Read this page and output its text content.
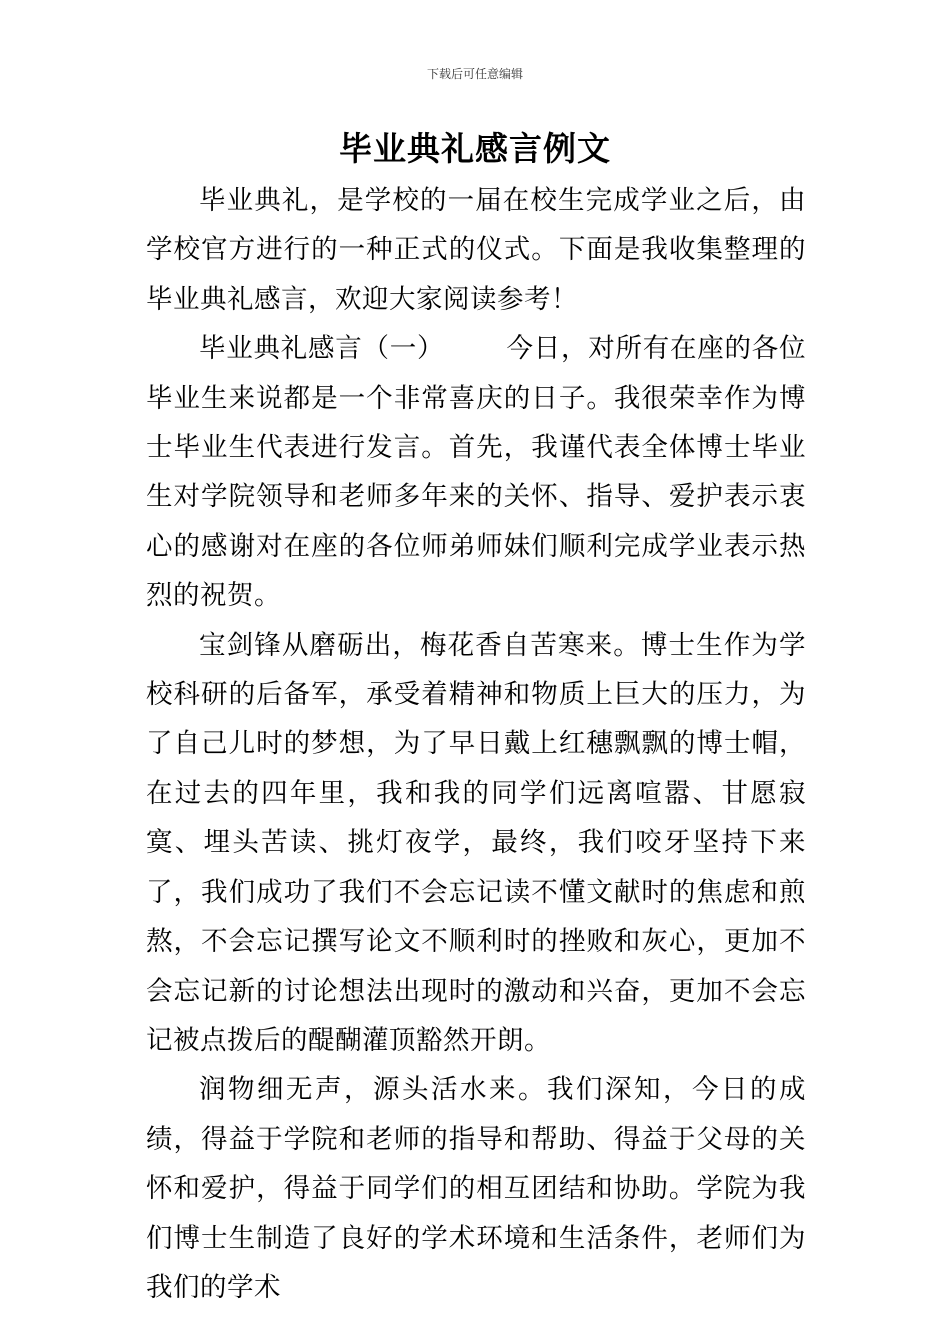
下载后可任意编辑
毕业典礼感言例文

毕业典礼，是学校的一届在校生完成学业之后，由学校官方进行的一种正式的仪式。下面是我收集整理的毕业典礼感言，欢迎大家阅读参考！

毕业典礼感言（一） 今日，对所有在座的各位毕业生来说都是一个非常喜庆的日子。我很荣幸作为博士毕业生代表进行发言。首先，我谨代表全体博士毕业生对学院领导和老师多年来的关怀、指导、爱护表示衷心的感谢对在座的各位师弟师妹们顺利完成学业表示热烈的祝贺。

宝剑锋从磨砺出，梅花香自苦寒来。博士生作为学校科研的后备军，承受着精神和物质上巨大的压力，为了自己儿时的梦想，为了早日戴上红穗飘飘的博士帽，在过去的四年里，我和我的同学们远离喧嚣、甘愿寂寞、埋头苦读、挑灯夜学，最终，我们咬牙坚持下来了，我们成功了我们不会忘记读不懂文献时的焦虑和煎熬，不会忘记撰写论文不顺利时的挫败和灰心，更加不会忘记新的讨论想法出现时的激动和兴奋，更加不会忘记被点拨后的醍醐灌顶豁然开朗。

润物细无声，源头活水来。我们深知，今日的成绩，得益于学院和老师的指导和帮助、得益于父母的关怀和爱护，得益于同学们的相互团结和协助。学院为我们博士生制造了良好的学术环境和生活条件，老师们为我们的学术
